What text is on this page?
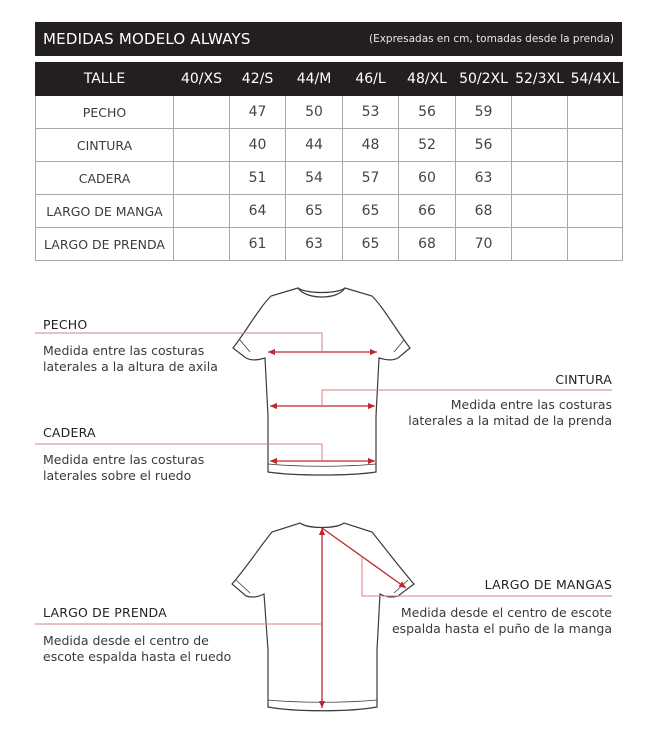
MEDIDAS MODELO ALWAYS	(Expresadas en cm, tomadas desde la prenda)
TALLE	40/XS	42/S	44/M	46/L	48/XL	50/2XL	52/3XL	54/4XL
PECHO		47	50	53	56	59		
CINTURA		40	44	48	52	56		
CADERA		51	54	57	60	63		
LARGO DE MANGA		64	65	65	66	68		
LARGO DE PRENDA		61	63	65	68	70		
PECHO
Medida entre las costuras
laterales a la altura de axila
CINTURA
Medida entre las costuras
laterales a la mitad de la prenda
CADERA
Medida entre las costuras
laterales sobre el ruedo
LARGO DE MANGAS
Medida desde el centro de escote
espalda hasta el puño de la manga
LARGO DE PRENDA
Medida desde el centro de
escote espalda hasta el ruedo
